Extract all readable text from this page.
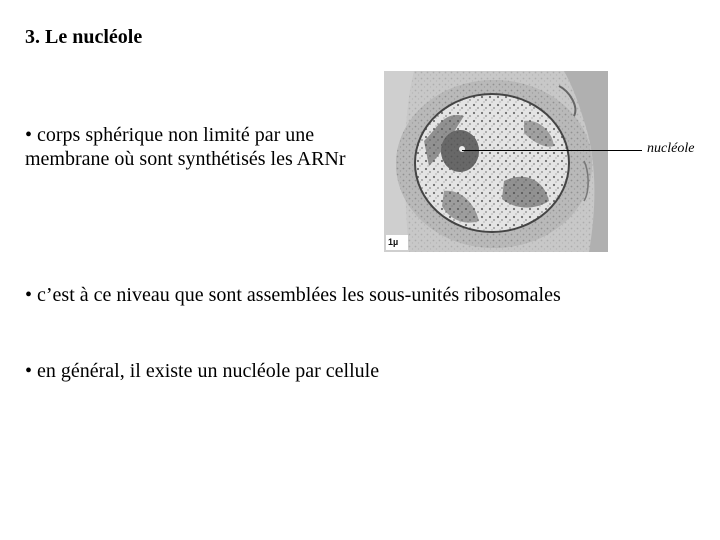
3. Le nucléole

• corps sphérique non limité par une membrane où sont synthétisés les ARNr	nucléole
1µ

• c’est à ce niveau que sont assemblées les sous-unités ribosomales

• en général, il existe un nucléole par cellule
